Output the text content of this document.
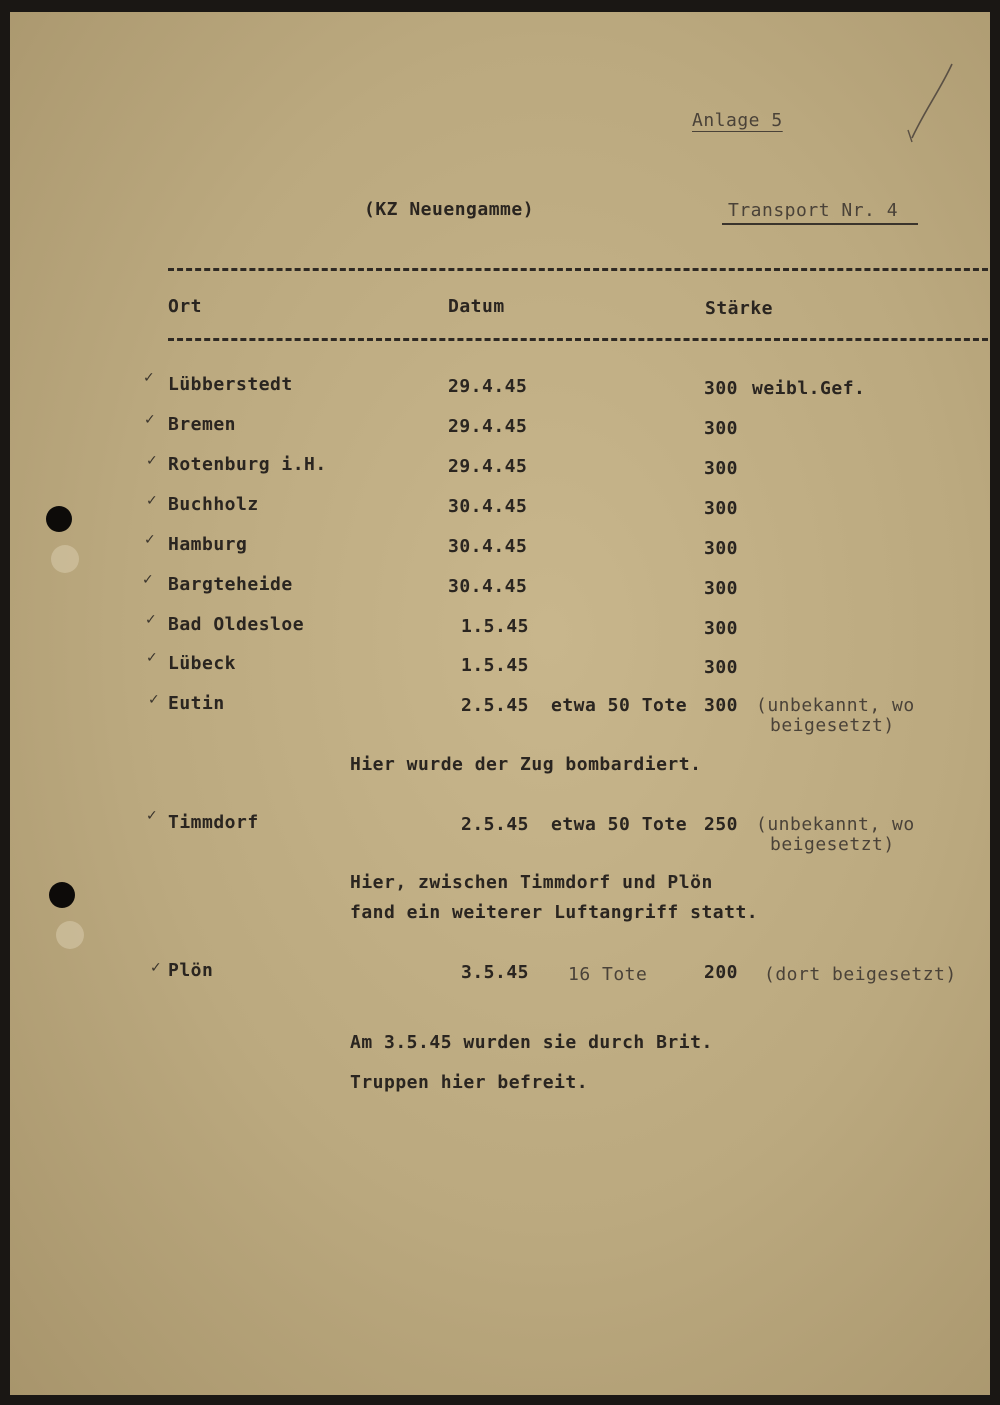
Anlage 5
(KZ Neuengamme)	Transport Nr. 4
Ort	Datum	Stärke
✓ Lübberstedt	29.4.45	300 weibl.Gef.
✓ Bremen	29.4.45	300
✓ Rotenburg i.H.	29.4.45	300
✓ Buchholz	30.4.45	300
✓ Hamburg	30.4.45	300
✓ Bargteheide	30.4.45	300
✓ Bad Oldesloe	1.5.45	300
✓ Lübeck	1.5.45	300
✓ Eutin	2.5.45 etwa 50 Tote 300 (unbekannt, wo
beigesetzt)
Hier wurde der Zug bombardiert.
✓ Timmdorf	2.5.45 etwa 50 Tote 250 (unbekannt, wo
beigesetzt)
Hier, zwischen Timmdorf und Plön
fand ein weiterer Luftangriff statt.
✓ Plön	3.5.45 16 Tote	200 (dort beigesetzt)
Am 3.5.45 wurden sie durch Brit.
Truppen hier befreit.
